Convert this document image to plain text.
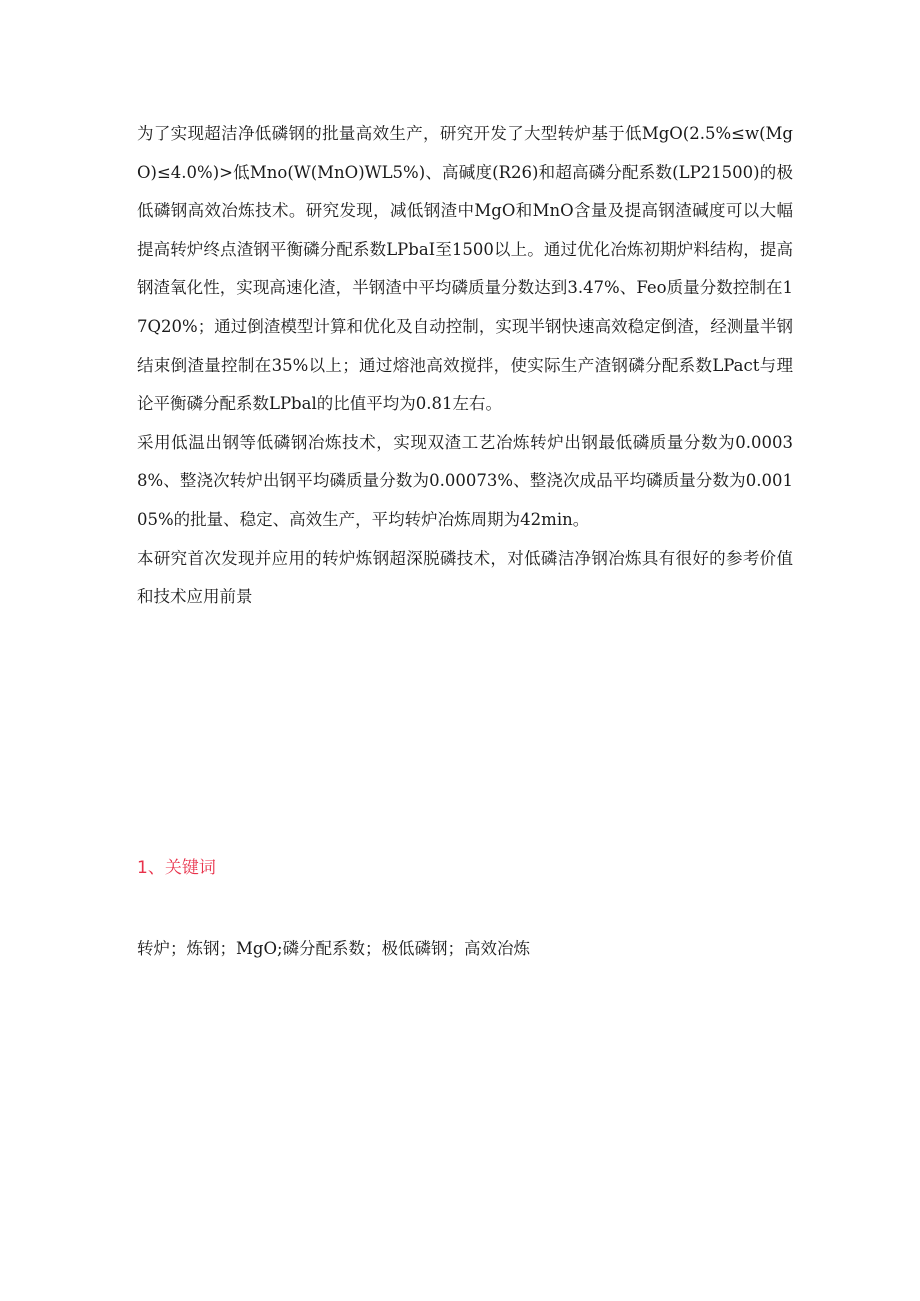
为了实现超洁净低磷钢的批量高效生产，研究开发了大型转炉基于低MgO(2.5%≤w(MgO)≤4.0%)>低Mno(W(MnO)WL5%)、高碱度(R26)和超高磷分配系数(LP21500)的极低磷钢高效冶炼技术。研究发现，减低钢渣中MgO和MnO含量及提高钢渣碱度可以大幅提高转炉终点渣钢平衡磷分配系数LPbaI至1500以上。通过优化冶炼初期炉料结构，提高钢渣氧化性，实现高速化渣，半钢渣中平均磷质量分数达到3.47%、Feo质量分数控制在17Q20%；通过倒渣模型计算和优化及自动控制，实现半钢快速高效稳定倒渣，经测量半钢结束倒渣量控制在35%以上；通过熔池高效搅拌，使实际生产渣钢磷分配系数LPact与理论平衡磷分配系数LPbal的比值平均为0.81左右。

采用低温出钢等低磷钢冶炼技术，实现双渣工艺冶炼转炉出钢最低磷质量分数为0.00038%、整浇次转炉出钢平均磷质量分数为0.00073%、整浇次成品平均磷质量分数为0.00105%的批量、稳定、高效生产，平均转炉冶炼周期为42min。

本研究首次发现并应用的转炉炼钢超深脱磷技术，对低磷洁净钢冶炼具有很好的参考价值和技术应用前景

1、关键词

转炉；炼钢；MgO;磷分配系数；极低磷钢；高效冶炼
